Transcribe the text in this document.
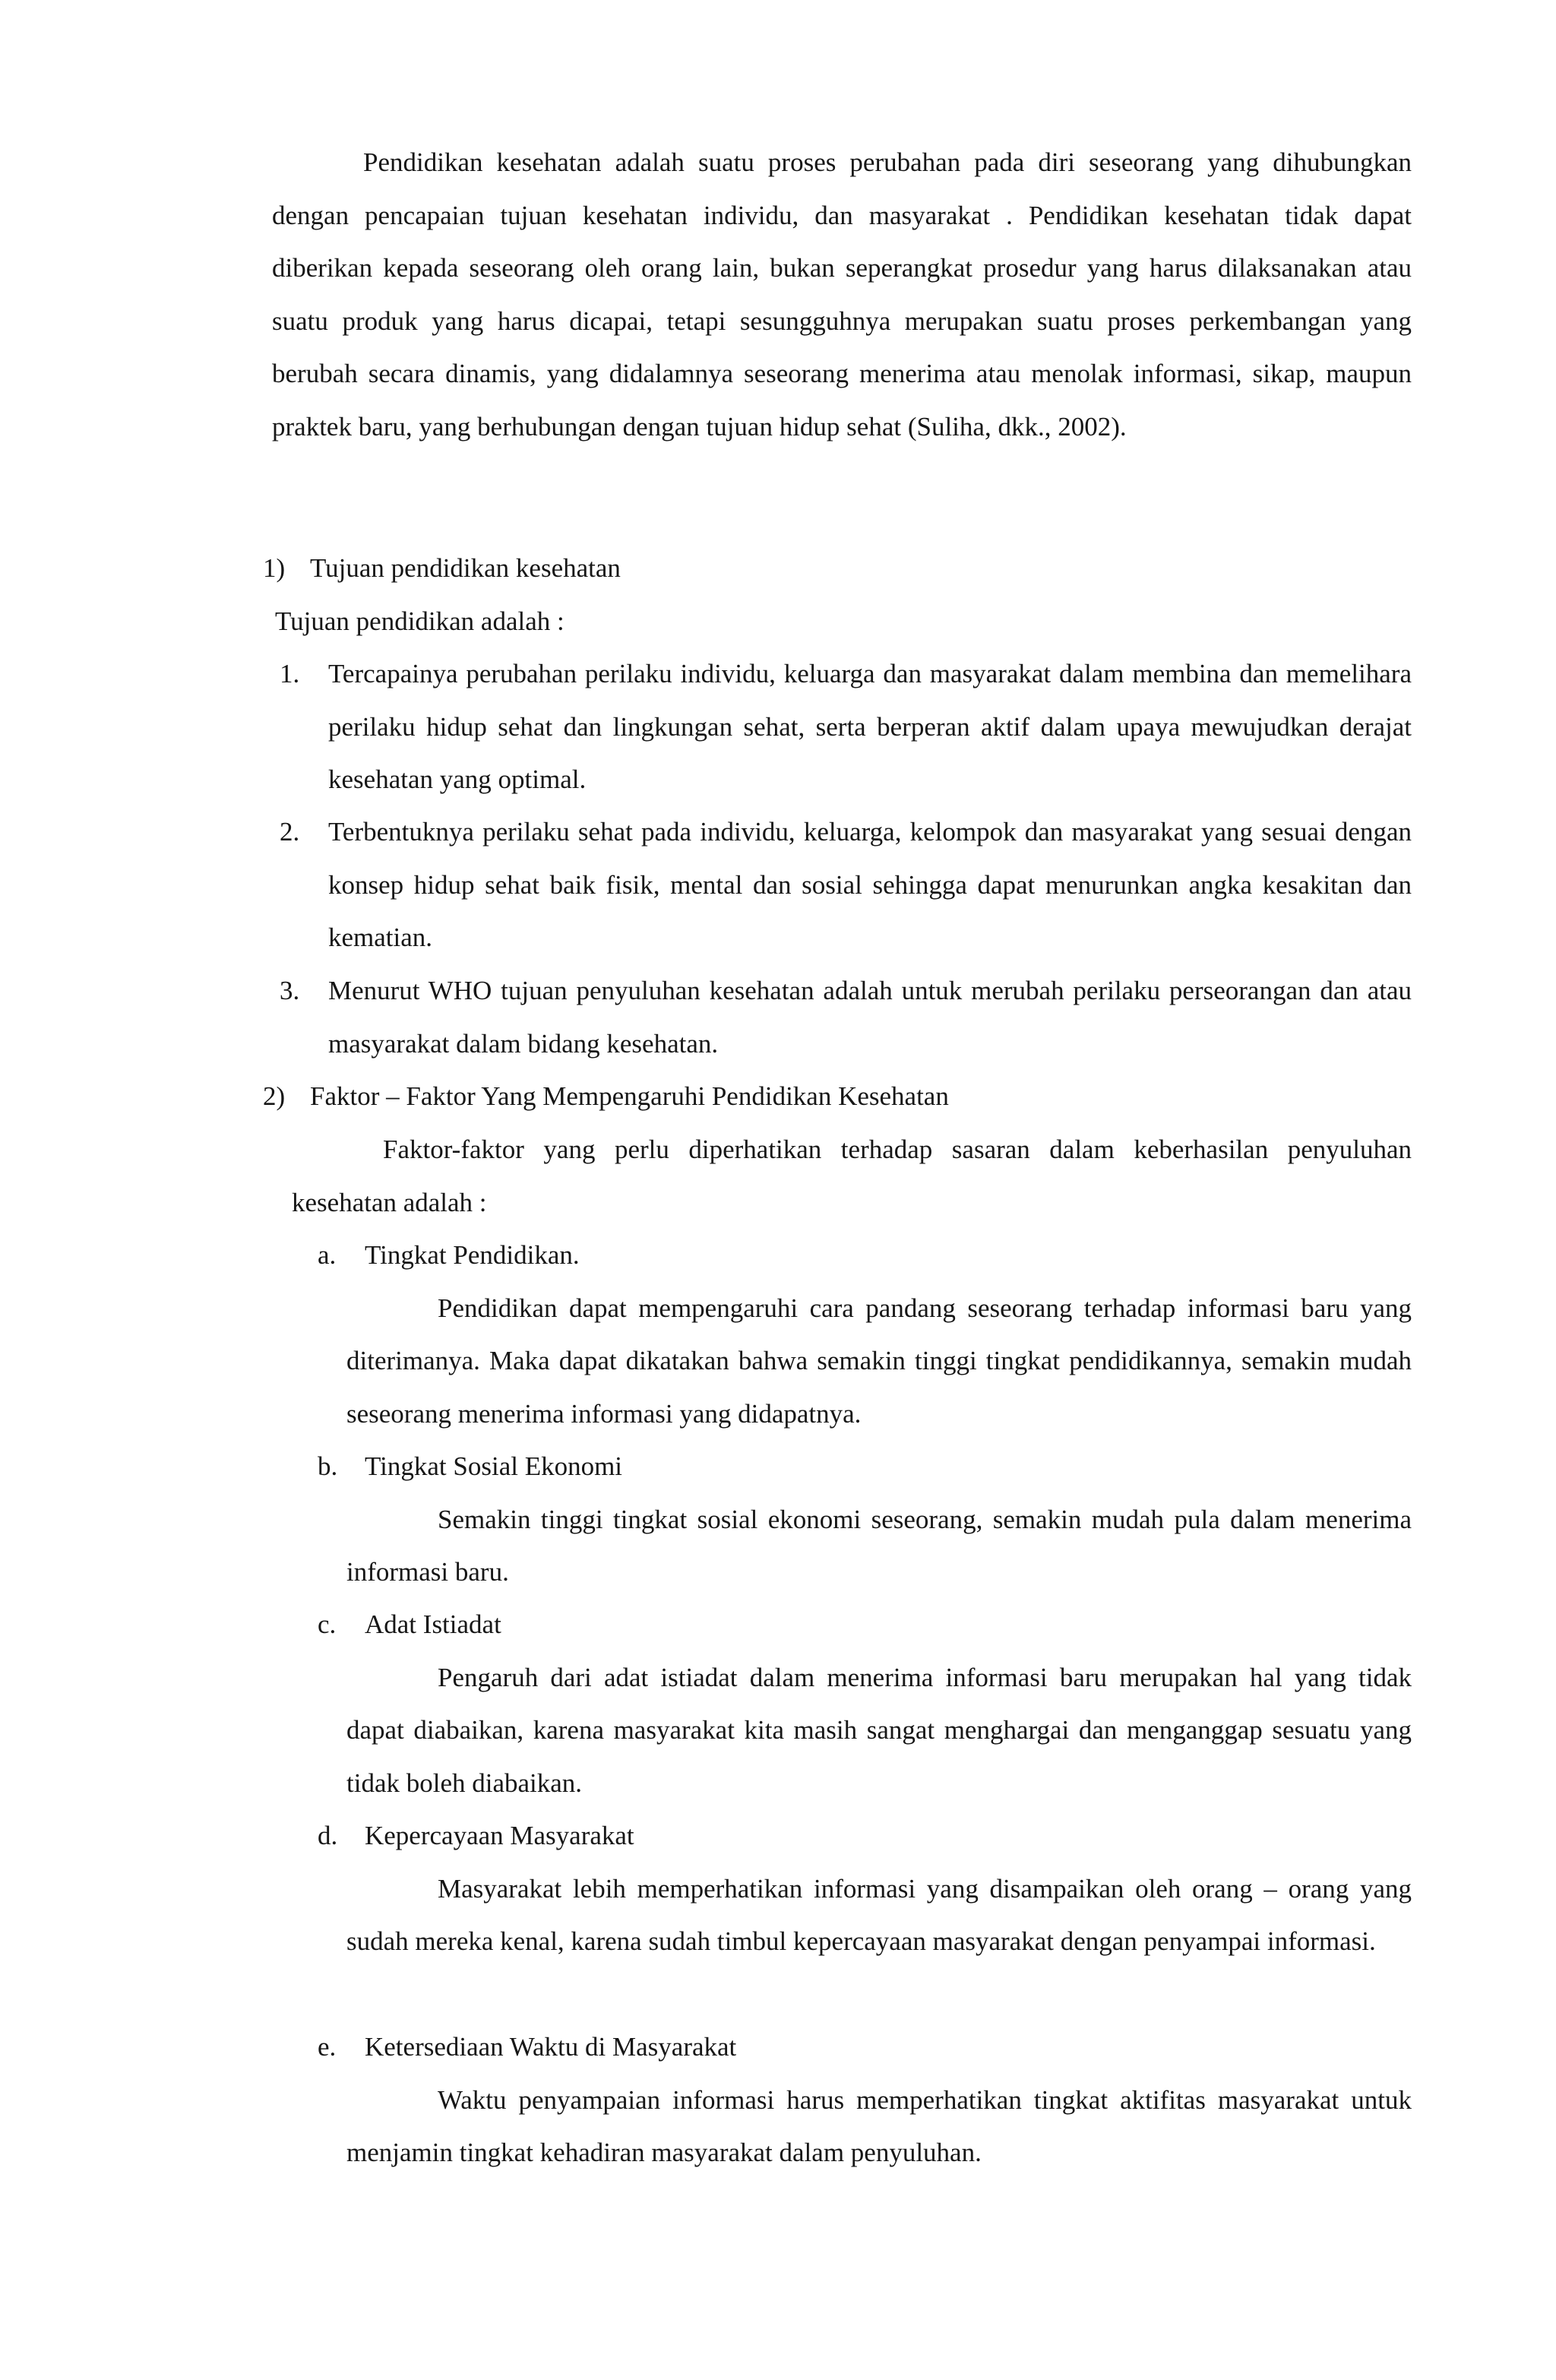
Pendidikan kesehatan adalah suatu proses perubahan pada diri seseorang yang dihubungkan dengan pencapaian tujuan kesehatan individu, dan masyarakat . Pendidikan kesehatan tidak dapat diberikan kepada seseorang oleh orang lain, bukan seperangkat prosedur yang harus dilaksanakan atau suatu produk yang harus dicapai, tetapi sesungguhnya merupakan suatu proses perkembangan yang berubah secara dinamis, yang didalamnya seseorang menerima atau menolak informasi, sikap, maupun praktek baru, yang berhubungan dengan tujuan hidup sehat (Suliha, dkk., 2002).

1) Tujuan pendidikan kesehatan

Tujuan pendidikan adalah :

1. Tercapainya perubahan perilaku individu, keluarga dan masyarakat dalam membina dan memelihara perilaku hidup sehat dan lingkungan sehat, serta berperan aktif dalam upaya mewujudkan derajat kesehatan yang optimal.

2. Terbentuknya perilaku sehat pada individu, keluarga, kelompok dan masyarakat yang sesuai dengan konsep hidup sehat baik fisik, mental dan sosial sehingga dapat menurunkan angka kesakitan dan kematian.

3. Menurut WHO tujuan penyuluhan kesehatan adalah untuk merubah perilaku perseorangan dan atau masyarakat dalam bidang kesehatan.

2) Faktor – Faktor Yang Mempengaruhi Pendidikan Kesehatan

Faktor-faktor yang perlu diperhatikan terhadap sasaran dalam keberhasilan penyuluhan kesehatan adalah :

a. Tingkat Pendidikan.

Pendidikan dapat mempengaruhi cara pandang seseorang terhadap informasi baru yang diterimanya. Maka dapat dikatakan bahwa semakin tinggi tingkat pendidikannya, semakin mudah seseorang menerima informasi yang didapatnya.

b. Tingkat Sosial Ekonomi

Semakin tinggi tingkat sosial ekonomi seseorang, semakin mudah pula dalam menerima informasi baru.

c. Adat Istiadat

Pengaruh dari adat istiadat dalam menerima informasi baru merupakan hal yang tidak dapat diabaikan, karena masyarakat kita masih sangat menghargai dan menganggap sesuatu yang tidak boleh diabaikan.

d. Kepercayaan Masyarakat

Masyarakat lebih memperhatikan informasi yang disampaikan oleh orang – orang yang sudah mereka kenal, karena sudah timbul kepercayaan masyarakat dengan penyampai informasi.

e. Ketersediaan Waktu di Masyarakat

Waktu penyampaian informasi harus memperhatikan tingkat aktifitas masyarakat untuk menjamin tingkat kehadiran masyarakat dalam penyuluhan.
